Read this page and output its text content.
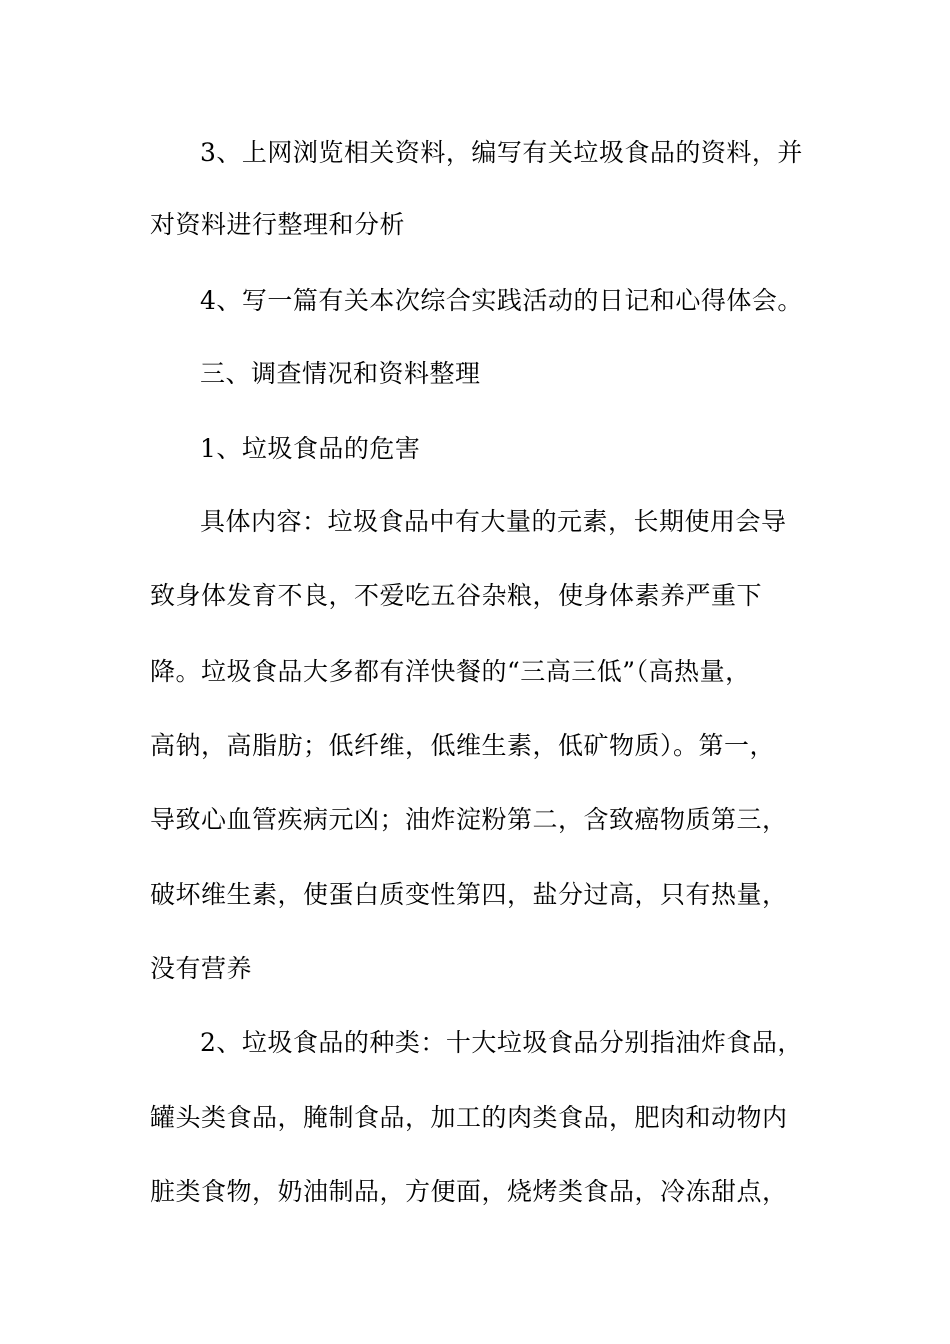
3、上网浏览相关资料，编写有关垃圾食品的资料，并
对资料进行整理和分析
4、写一篇有关本次综合实践活动的日记和心得体会。
三、调查情况和资料整理
1、垃圾食品的危害
具体内容：垃圾食品中有大量的元素，长期使用会导
致身体发育不良，不爱吃五谷杂粮，使身体素养严重下
降。垃圾食品大多都有洋快餐的“三高三低”（高热量，
高钠，高脂肪；低纤维，低维生素，低矿物质）。第一，
导致心血管疾病元凶；油炸淀粉第二，含致癌物质第三，
破坏维生素，使蛋白质变性第四，盐分过高，只有热量，
没有营养
2、垃圾食品的种类：十大垃圾食品分别指油炸食品，
罐头类食品，腌制食品，加工的肉类食品，肥肉和动物内
脏类食物，奶油制品，方便面，烧烤类食品，冷冻甜点，
